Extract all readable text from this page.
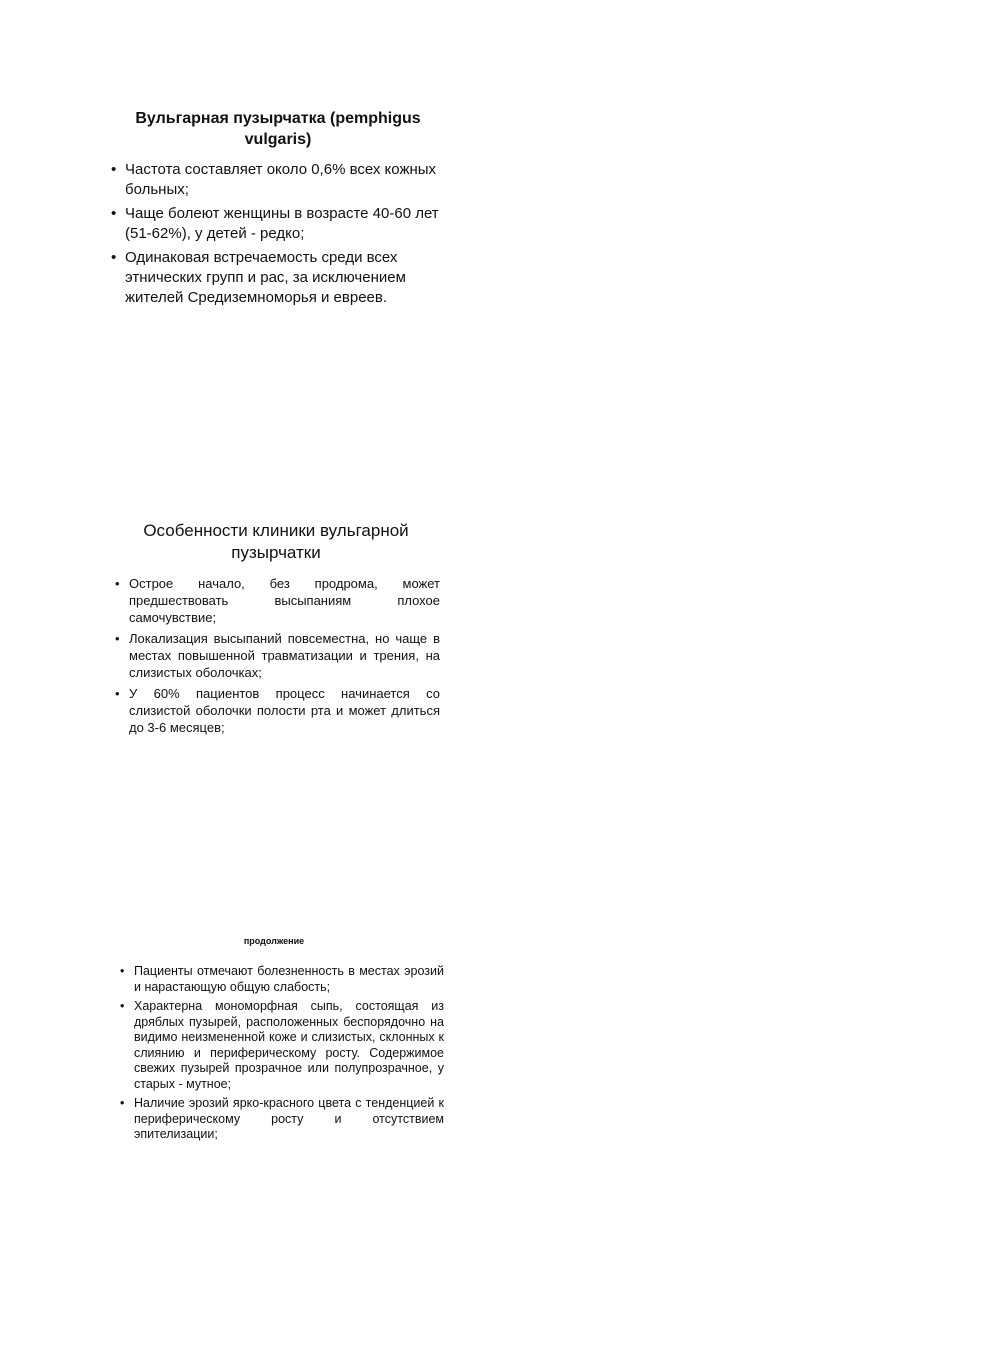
Вульгарная пузырчатка (pemphigus vulgaris)
• Частота составляет около 0,6% всех кожных больных;
• Чаще болеют женщины в возрасте 40-60 лет (51-62%), у детей - редко;
• Одинаковая встречаемость среди всех этнических групп и рас, за исключением жителей Средиземноморья и евреев.
Особенности клиники вульгарной пузырчатки
• Острое начало, без продрома, может предшествовать высыпаниям плохое самочувствие;
• Локализация высыпаний повсеместна, но чаще в местах повышенной травматизации и трения, на слизистых оболочках;
• У 60% пациентов процесс начинается со слизистой оболочки полости рта и может длиться до 3-6 месяцев;
продолжение
• Пациенты отмечают болезненность в местах эрозий и нарастающую общую слабость;
• Характерна мономорфная сыпь, состоящая из дряблых пузырей, расположенных беспорядочно на видимо неизмененной коже и слизистых, склонных к слиянию и периферическому росту. Содержимое свежих пузырей прозрачное или полупрозрачное, у старых - мутное;
• Наличие эрозий ярко-красного цвета с тенденцией к периферическому росту и отсутствием эпителизации;
